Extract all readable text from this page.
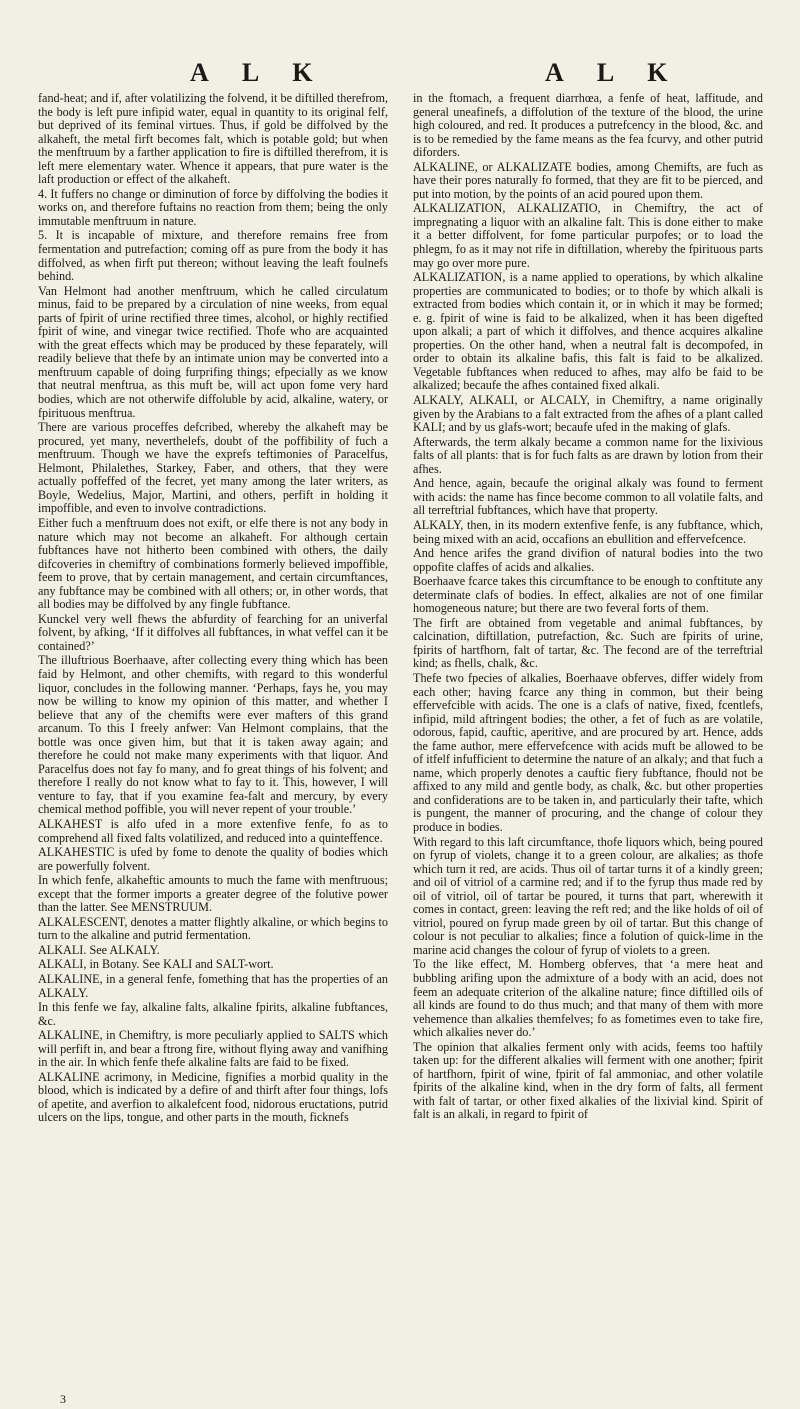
A L K	A L K

fand-heat; and if, after volatilizing the folvend, it be diftilled therefrom, the body is left pure infipid water, equal in quantity to its original felf, but deprived of its feminal virtues. Thus, if gold be diffolved by the alkaheft, the metal firft becomes falt, which is potable gold; but when the menftruum by a farther application to fire is diftilled therefrom, it is left mere elementary water. Whence it appears, that pure water is the laft production or effect of the alkaheft.

4. It fuffers no change or diminution of force by diffolving the bodies it works on, and therefore fuftains no reaction from them; being the only immutable menftruum in nature.

5. It is incapable of mixture, and therefore remains free from fermentation and putrefaction; coming off as pure from the body it has diffolved, as when firft put thereon; without leaving the leaft foulnefs behind.

Van Helmont had another menftruum, which he called circulatum minus, faid to be prepared by a circulation of nine weeks, from equal parts of fpirit of urine rectified three times, alcohol, or highly rectified fpirit of wine, and vinegar twice rectified. Thofe who are acquainted with the great effects which may be produced by these feparately, will readily believe that thefe by an intimate union may be converted into a menftruum capable of doing furprifing things; efpecially as we know that neutral menftrua, as this muft be, will act upon fome very hard bodies, which are not otherwife diffoluble by acid, alkaline, watery, or fpirituous menftrua.

There are various proceffes defcribed, whereby the alkaheft may be procured, yet many, neverthelefs, doubt of the poffibility of fuch a menftruum. Though we have the exprefs teftimonies of Paracelfus, Helmont, Philalethes, Starkey, Faber, and others, that they were actually poffeffed of the fecret, yet many among the later writers, as Boyle, Wedelius, Major, Martini, and others, perfift in holding it impoffible, and even to involve contradictions.

Either fuch a menftruum does not exift, or elfe there is not any body in nature which may not become an alkaheft. For although certain fubftances have not hitherto been combined with others, the daily difcoveries in chemiftry of combinations formerly believed impoffible, feem to prove, that by certain management, and certain circumftances, any fubftance may be combined with all others; or, in other words, that all bodies may be diffolved by any fingle fubftance.

Kunckel very well fhews the abfurdity of fearching for an univerfal folvent, by afking, ‘If it diffolves all fubftances, in what veffel can it be contained?’

The illuftrious Boerhaave, after collecting every thing which has been faid by Helmont, and other chemifts, with regard to this wonderful liquor, concludes in the following manner. ‘Perhaps, fays he, you may now be willing to know my opinion of this matter, and whether I believe that any of the chemifts were ever mafters of this grand arcanum. To this I freely anfwer: Van Helmont complains, that the bottle was once given him, but that it is taken away again; and therefore he could not make many experiments with that liquor. And Paracelfus does not fay fo many, and fo great things of his folvent; and therefore I really do not know what to fay to it. This, however, I will venture to fay, that if you examine fea-falt and mercury, by every chemical method poffible, you will never repent of your trouble.’

ALKAHEST is alfo ufed in a more extenfive fenfe, fo as to comprehend all fixed falts volatilized, and reduced into a quinteffence.

ALKAHESTIC is ufed by fome to denote the quality of bodies which are powerfully folvent.

In which fenfe, alkaheftic amounts to much the fame with menftruous; except that the former imports a greater degree of the folutive power than the latter. See MENSTRUUM.

ALKALESCENT, denotes a matter flightly alkaline, or which begins to turn to the alkaline and putrid fermentation.

ALKALI. See ALKALY.

ALKALI, in Botany. See KALI and SALT-wort.

ALKALINE, in a general fenfe, fomething that has the properties of an ALKALY.

In this fenfe we fay, alkaline falts, alkaline fpirits, alkaline fubftances, &c.

ALKALINE, in Chemiftry, is more peculiarly applied to SALTS which will perfift in, and bear a ftrong fire, without flying away and vanifhing in the air. In which fenfe thefe alkaline falts are faid to be fixed.

ALKALINE acrimony, in Medicine, fignifies a morbid quality in the blood, which is indicated by a defire of and thirft after four things, lofs of apetite, and averfion to alkalefcent food, nidorous eructations, putrid ulcers on the lips, tongue, and other parts in the mouth, ficknefs

in the ftomach, a frequent diarrhœa, a fenfe of heat, laffitude, and general uneafinefs, a diffolution of the texture of the blood, the urine high coloured, and red. It produces a putrefcency in the blood, &c. and is to be remedied by the fame means as the fea fcurvy, and other putrid diforders.

ALKALINE, or ALKALIZATE bodies, among Chemifts, are fuch as have their pores naturally fo formed, that they are fit to be pierced, and put into motion, by the points of an acid poured upon them.

ALKALIZATION, ALKALIZATIO, in Chemiftry, the act of impregnating a liquor with an alkaline falt. This is done either to make it a better diffolvent, for fome particular purpofes; or to load the phlegm, fo as it may not rife in diftillation, whereby the fpirituous parts may go over more pure.

ALKALIZATION, is a name applied to operations, by which alkaline properties are communicated to bodies; or to thofe by which alkali is extracted from bodies which contain it, or in which it may be formed; e. g. fpirit of wine is faid to be alkalized, when it has been digefted upon alkali; a part of which it diffolves, and thence acquires alkaline properties. On the other hand, when a neutral falt is decompofed, in order to obtain its alkaline bafis, this falt is faid to be alkalized. Vegetable fubftances when reduced to afhes, may alfo be faid to be alkalized; becaufe the afhes contained fixed alkali.

ALKALY, ALKALI, or ALCALY, in Chemiftry, a name originally given by the Arabians to a falt extracted from the afhes of a plant called KALI; and by us glafs-wort; becaufe ufed in the making of glafs.

Afterwards, the term alkaly became a common name for the lixivious falts of all plants: that is for fuch falts as are drawn by lotion from their afhes.

And hence, again, becaufe the original alkaly was found to ferment with acids: the name has fince become common to all volatile falts, and all terreftrial fubftances, which have that property.

ALKALY, then, in its modern extenfive fenfe, is any fubftance, which, being mixed with an acid, occafions an ebullition and effervefcence.

And hence arifes the grand divifion of natural bodies into the two oppofite claffes of acids and alkalies.

Boerhaave fcarce takes this circumftance to be enough to conftitute any determinate clafs of bodies. In effect, alkalies are not of one fimilar homogeneous nature; but there are two feveral forts of them.

The firft are obtained from vegetable and animal fubftances, by calcination, diftillation, putrefaction, &c. Such are fpirits of urine, fpirits of hartfhorn, falt of tartar, &c. The fecond are of the terreftrial kind; as fhells, chalk, &c.

Thefe two fpecies of alkalies, Boerhaave obferves, differ widely from each other; having fcarce any thing in common, but their being effervefcible with acids. The one is a clafs of native, fixed, fcentlefs, infipid, mild aftringent bodies; the other, a fet of fuch as are volatile, odorous, fapid, cauftic, aperitive, and are procured by art. Hence, adds the fame author, mere effervefcence with acids muft be allowed to be of itfelf infufficient to determine the nature of an alkaly; and that fuch a name, which properly denotes a cauftic fiery fubftance, fhould not be affixed to any mild and gentle body, as chalk, &c. but other properties and confiderations are to be taken in, and particularly their tafte, which is pungent, the manner of procuring, and the change of colour they produce in bodies.

With regard to this laft circumftance, thofe liquors which, being poured on fyrup of violets, change it to a green colour, are alkalies; as thofe which turn it red, are acids. Thus oil of tartar turns it of a kindly green; and oil of vitriol of a carmine red; and if to the fyrup thus made red by oil of vitriol, oil of tartar be poured, it turns that part, wherewith it comes in contact, green: leaving the reft red; and the like holds of oil of vitriol, poured on fyrup made green by oil of tartar. But this change of colour is not peculiar to alkalies; fince a folution of quick-lime in the marine acid changes the colour of fyrup of violets to a green.

To the like effect, M. Homberg obferves, that ‘a mere heat and bubbling arifing upon the admixture of a body with an acid, does not feem an adequate criterion of the alkaline nature; fince diftilled oils of all kinds are found to do thus much; and that many of them with more vehemence than alkalies themfelves; fo as fometimes even to take fire, which alkalies never do.’

The opinion that alkalies ferment only with acids, feems too haftily taken up: for the different alkalies will ferment with one another; fpirit of hartfhorn, fpirit of wine, fpirit of fal ammoniac, and other volatile fpirits of the alkaline kind, when in the dry form of falts, all ferment with falt of tartar, or other fixed alkalies of the lixivial kind. Spirit of falt is an alkali, in regard to fpirit of

3
